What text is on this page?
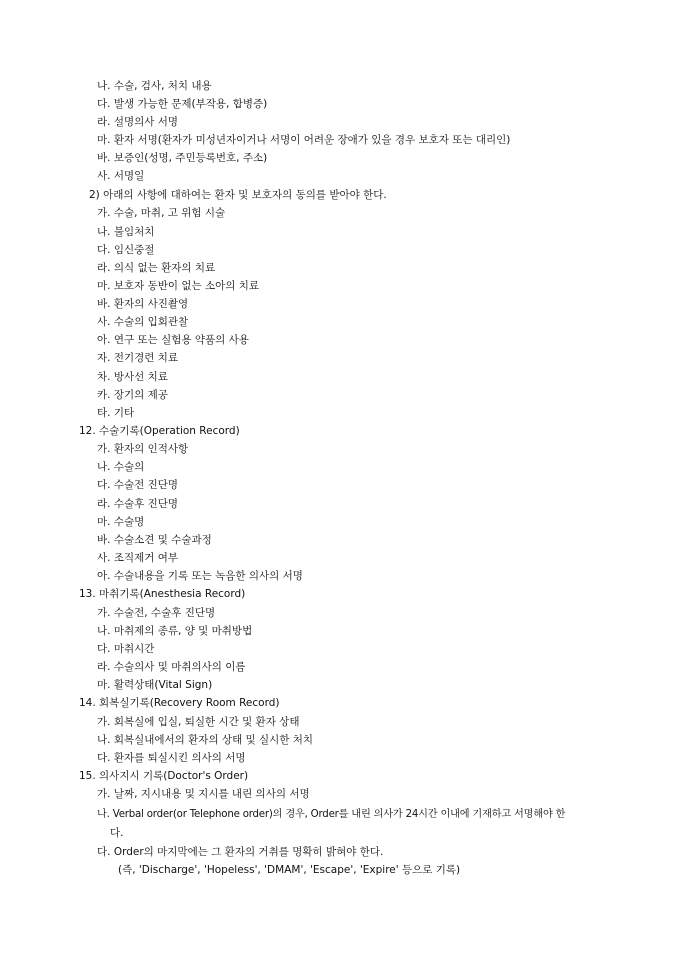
나. 수술, 검사, 처치 내용
다. 발생 가능한 문제(부작용, 합병증)
라. 설명의사 서명
마. 환자 서명(환자가 미성년자이거나 서명이 어려운 장애가 있을 경우 보호자 또는 대리인)
바. 보증인(성명, 주민등록번호, 주소)
사. 서명일
2) 아래의 사항에 대하여는 환자 및 보호자의 동의를 받아야 한다.
가. 수술, 마취, 고 위험 시술
나. 불임처치
다. 임신중절
라. 의식 없는 환자의 치료
마. 보호자 동반이 없는 소아의 치료
바. 환자의 사진촬영
사. 수술의 입회관찰
아. 연구 또는 실험용 약품의 사용
자. 전기경련 치료
차. 방사선 치료
카. 장기의 제공
타. 기타
12. 수술기록(Operation Record)
가. 환자의 인적사항
나. 수술의
다. 수술전 진단명
라. 수술후 진단명
마. 수술명
바. 수술소견 및 수술과정
사. 조직제거 여부
아. 수술내용을 기록 또는 녹음한 의사의 서명
13. 마취기록(Anesthesia Record)
가. 수술전, 수술후 진단명
나. 마취제의 종류, 양 및 마취방법
다. 마취시간
라. 수술의사 및 마취의사의 이름
마. 활력상태(Vital Sign)
14. 회복실기록(Recovery Room Record)
가. 회복실에 입실, 퇴실한 시간 및 환자 상태
나. 회복실내에서의 환자의 상태 및 실시한 처치
다. 환자를 퇴실시킨 의사의 서명
15. 의사지시 기록(Doctor's Order)
가. 날짜, 지시내용 및 지시를 내린 의사의 서명
나. Verbal order(or Telephone order)의 경우, Order를 내린 의사가 24시간 이내에 기재하고 서명해야 한
다.
다. Order의 마지막에는 그 환자의 거취를 명확히 밝혀야 한다.
(즉, 'Discharge', 'Hopeless', 'DMAM', 'Escape', 'Expire' 등으로 기록)
